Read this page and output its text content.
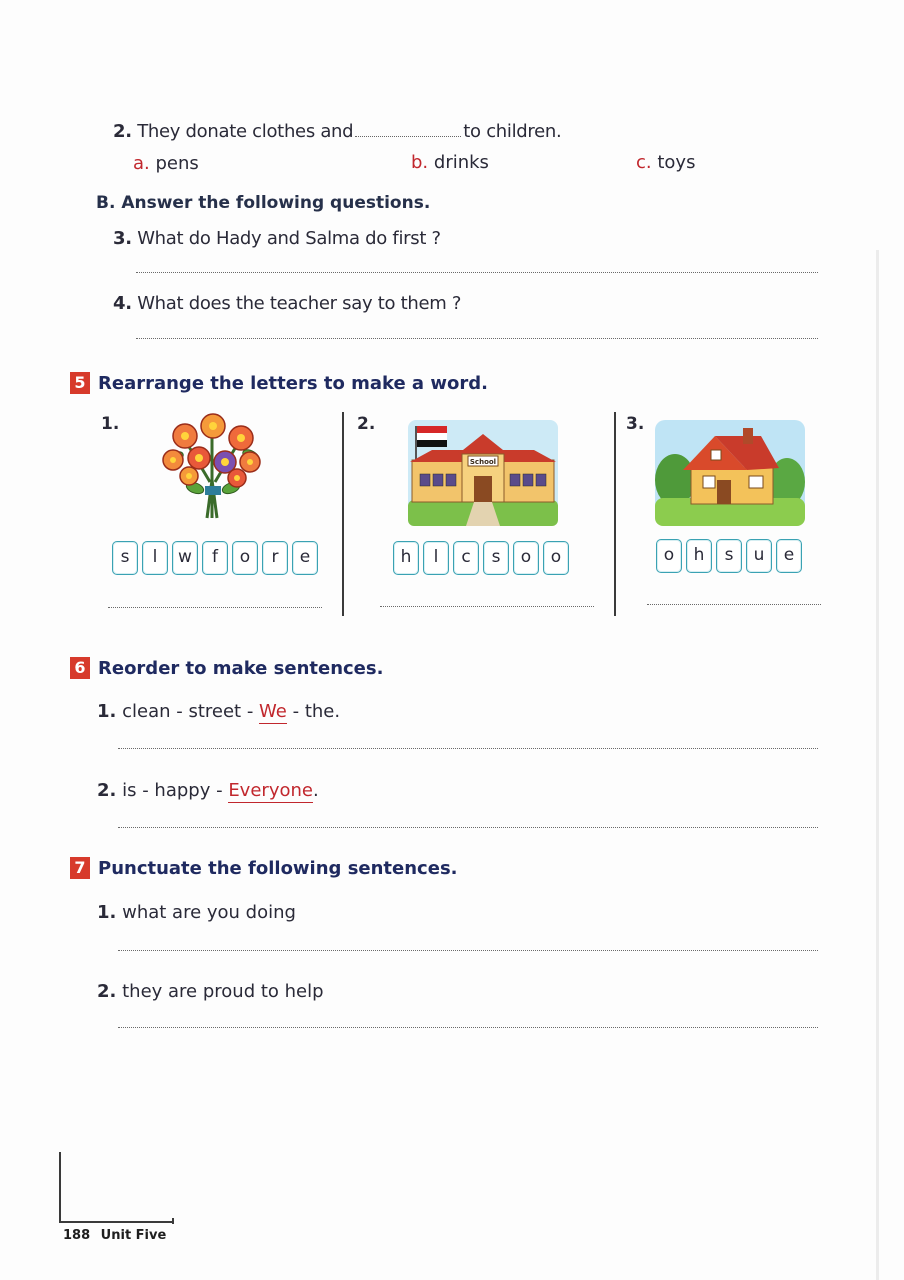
2. They donate clothes and	to children.
a. pens	b. drinks	c. toys
B. Answer the following questions.
3. What do Hady and Salma do first ?
4. What does the teacher say to them ?
5 Rearrange the letters to make a word.
1.	2.	3.
School
s	l	w	f	o	r	e	h	l	c	s	o	o	o	h	s	u	e
6 Reorder to make sentences.
1. clean - street - We - the.
2. is - happy - Everyone.
7 Punctuate the following sentences.
1. what are you doing
2. they are proud to help
188 Unit Five
